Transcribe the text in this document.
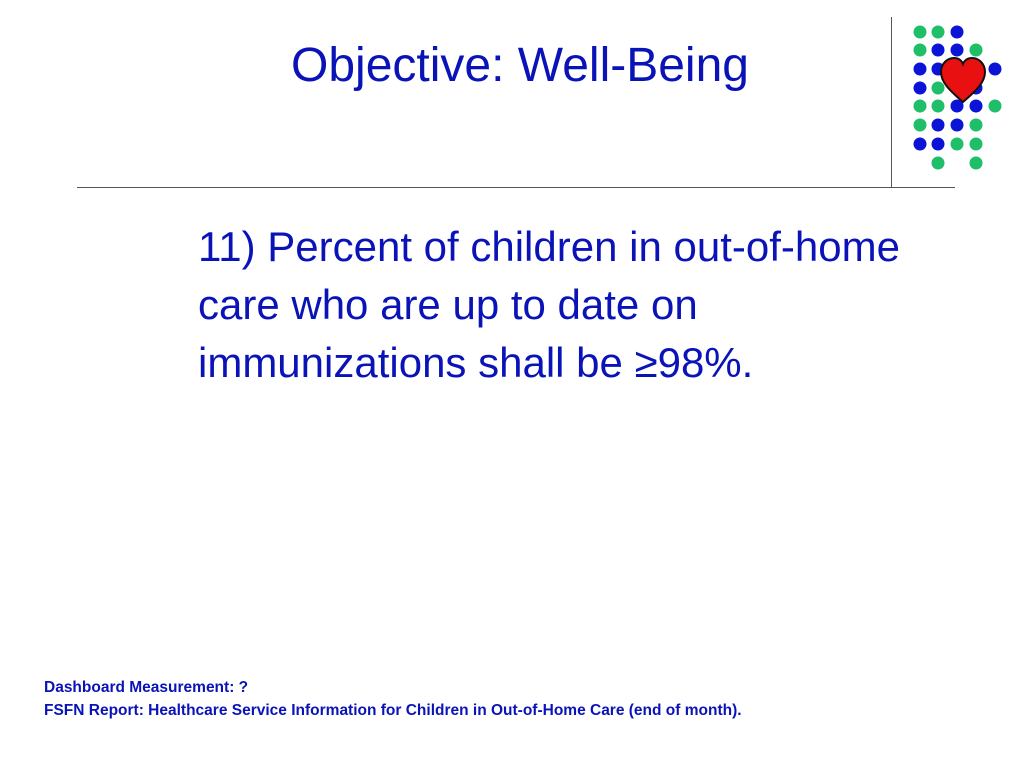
Objective: Well-Being

11) Percent of children in out-of-home care who are up to date on immunizations shall be ≥98%.

Dashboard Measurement: ?

FSFN Report: Healthcare Service Information for Children in Out-of-Home Care (end of month).
